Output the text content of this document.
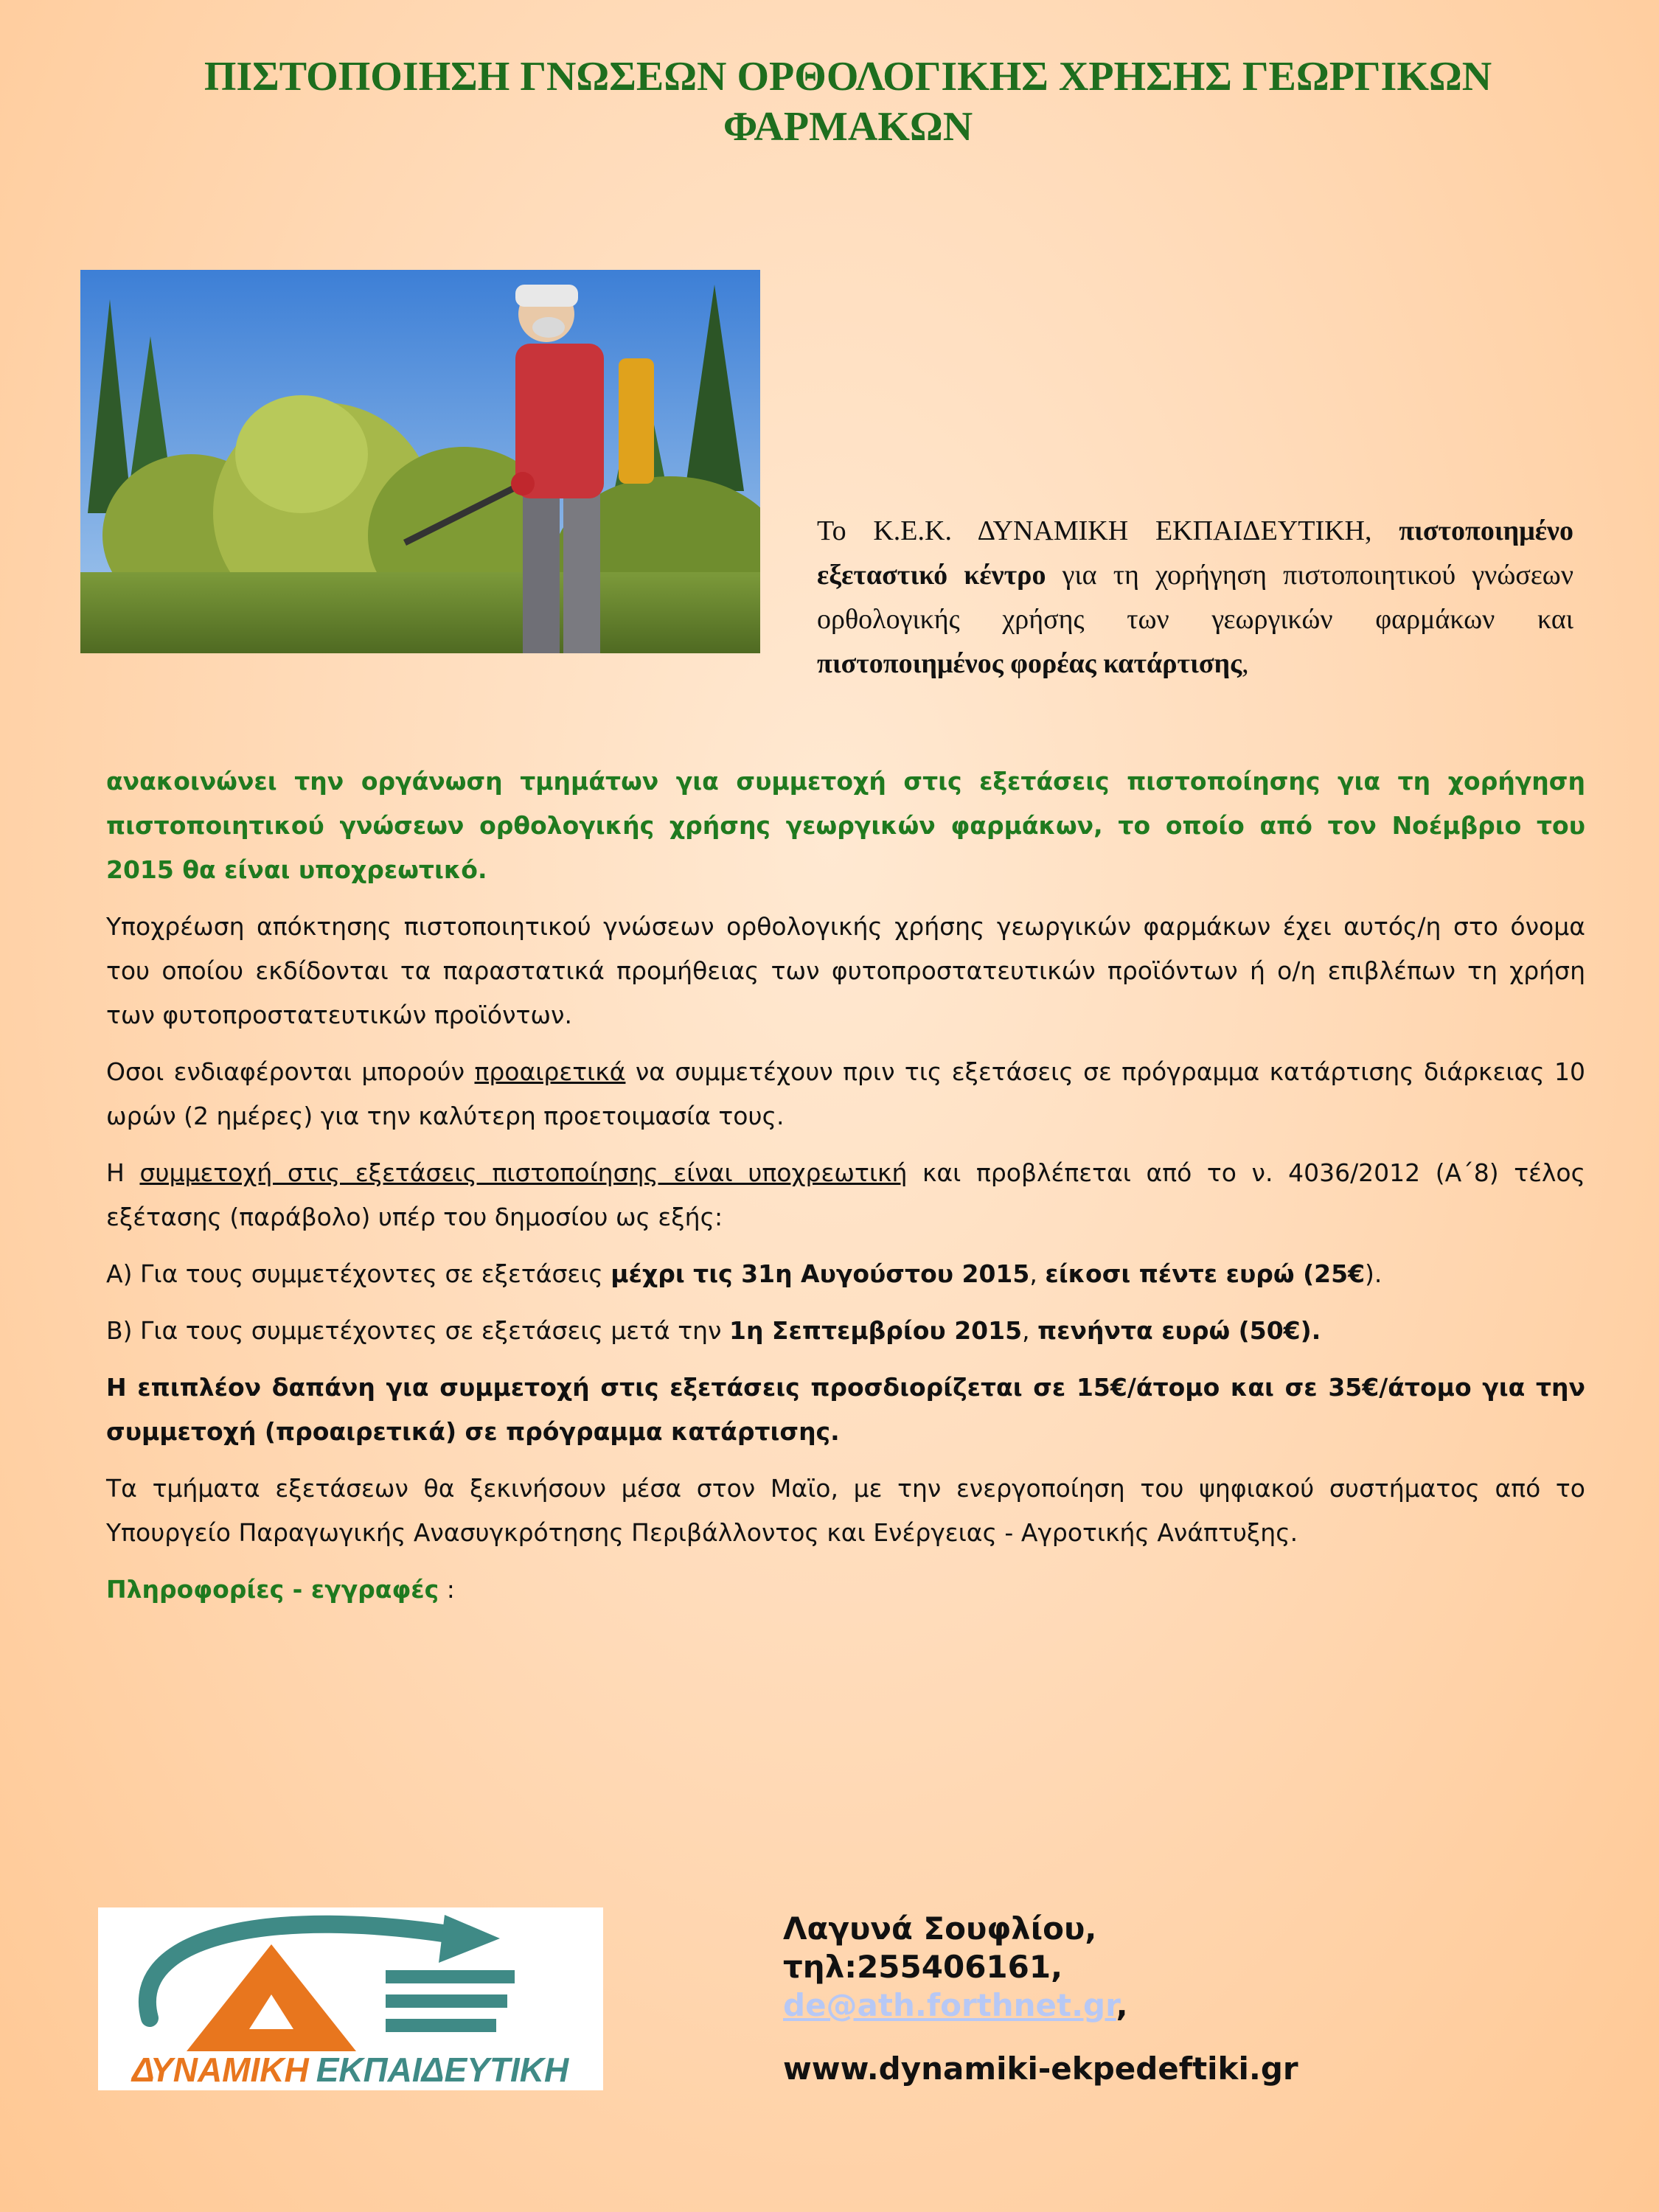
ΠΙΣΤΟΠΟΙΗΣΗ ΓΝΩΣΕΩΝ ΟΡΘΟΛΟΓΙΚΗΣ ΧΡΗΣΗΣ ΓΕΩΡΓΙΚΩΝ
ΦΑΡΜΑΚΩΝ

Το Κ.Ε.Κ. ΔΥΝΑΜΙΚΗ ΕΚΠΑΙΔΕΥΤΙΚΗ, πιστοποιημένο εξεταστικό κέντρο για τη χορήγηση πιστοποιητικού γνώσεων ορθολογικής χρήσης των γεωργικών φαρμάκων και πιστοποιημένος φορέας κατάρτισης,

ανακοινώνει την οργάνωση τμημάτων για συμμετοχή στις εξετάσεις πιστοποίησης για τη χορήγηση πιστοποιητικού γνώσεων ορθολογικής χρήσης γεωργικών φαρμάκων, το οποίο από τον Νοέμβριο του 2015 θα είναι υποχρεωτικό.

Υποχρέωση απόκτησης πιστοποιητικού γνώσεων ορθολογικής χρήσης γεωργικών φαρμάκων έχει αυτός/η στο όνομα του οποίου εκδίδονται τα παραστατικά προμήθειας των φυτοπροστατευτικών προϊόντων ή ο/η επιβλέπων τη χρήση των φυτοπροστατευτικών προϊόντων.

Οσοι ενδιαφέρονται μπορούν προαιρετικά να συμμετέχουν πριν τις εξετάσεις σε πρόγραμμα κατάρτισης διάρκειας 10 ωρών (2 ημέρες) για την καλύτερη προετοιμασία τους.

Η συμμετοχή στις εξετάσεις πιστοποίησης είναι υποχρεωτική και προβλέπεται από το ν. 4036/2012 (Α΄8) τέλος εξέτασης (παράβολο) υπέρ του δημοσίου ως εξής:

Α) Για τους συμμετέχοντες σε εξετάσεις μέχρι τις 31η Αυγούστου 2015, είκοσι πέντε ευρώ (25€).

Β) Για τους συμμετέχοντες σε εξετάσεις μετά την 1η Σεπτεμβρίου 2015, πενήντα ευρώ (50€).

Η επιπλέον δαπάνη για συμμετοχή στις εξετάσεις προσδιορίζεται σε 15€/άτομο και σε 35€/άτομο για την συμμετοχή (προαιρετικά) σε πρόγραμμα κατάρτισης.

Τα τμήματα εξετάσεων θα ξεκινήσουν μέσα στον Μαϊο, με την ενεργοποίηση του ψηφιακού συστήματος από το Υπουργείο Παραγωγικής Ανασυγκρότησης Περιβάλλοντος και Ενέργειας - Αγροτικής Ανάπτυξης.

Πληροφορίες - εγγραφές :

ΔΥΝΑΜΙΚΗ ΕΚΠΑΙΔΕΥΤΙΚΗ
Λαγυνά Σουφλίου,
τηλ:255406161,
de@ath.forthnet.gr,
www.dynamiki-ekpedeftiki.gr
